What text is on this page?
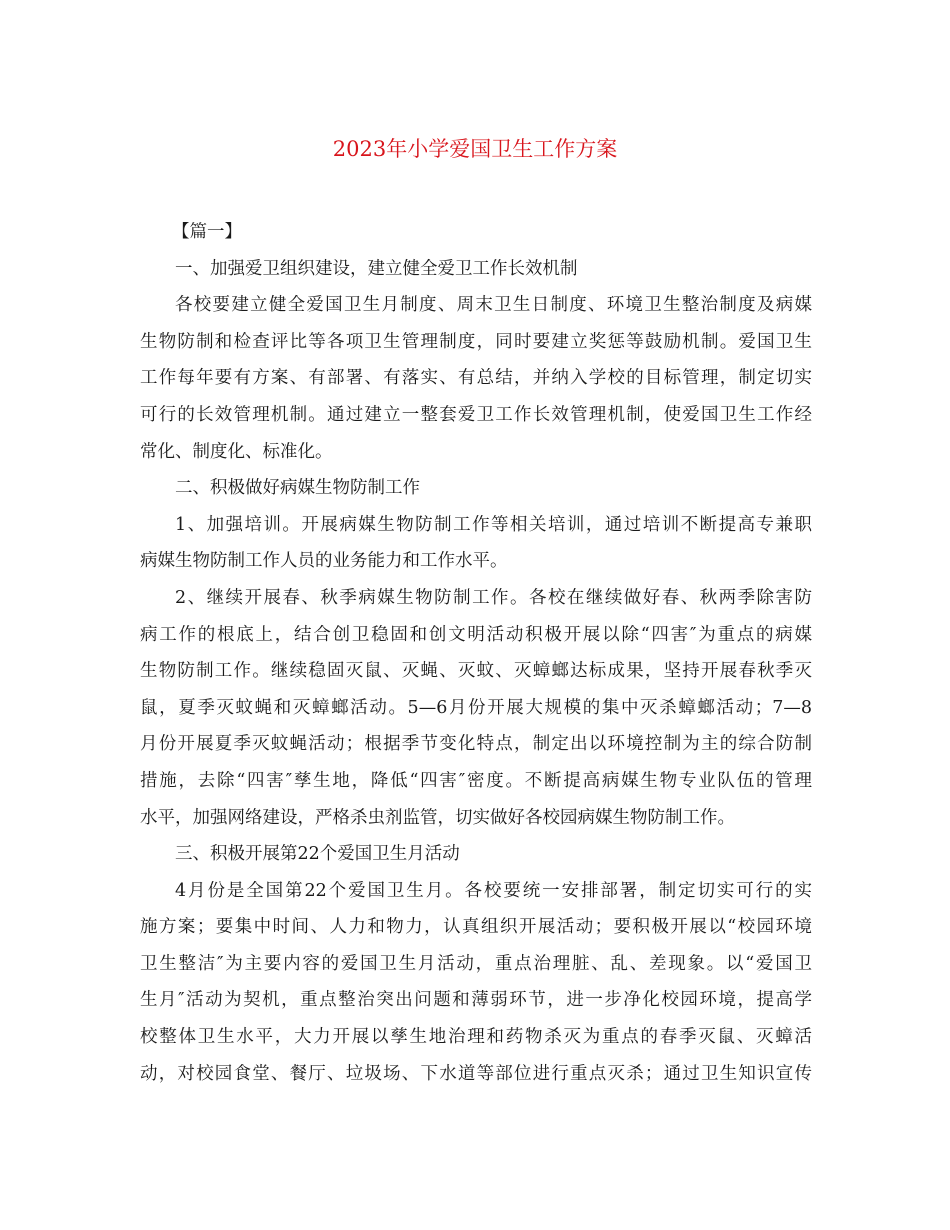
2023年小学爱国卫生工作方案

【篇一】

一、加强爱卫组织建设，建立健全爱卫工作长效机制

各校要建立健全爱国卫生月制度、周末卫生日制度、环境卫生整治制度及病媒

生物防制和检查评比等各项卫生管理制度，同时要建立奖惩等鼓励机制。爱国卫生

工作每年要有方案、有部署、有落实、有总结，并纳入学校的目标管理，制定切实

可行的长效管理机制。通过建立一整套爱卫工作长效管理机制，使爱国卫生工作经

常化、制度化、标准化。

二、积极做好病媒生物防制工作

1、加强培训。开展病媒生物防制工作等相关培训，通过培训不断提高专兼职

病媒生物防制工作人员的业务能力和工作水平。

2、继续开展春、秋季病媒生物防制工作。各校在继续做好春、秋两季除害防

病工作的根底上，结合创卫稳固和创文明活动积极开展以除“四害″为重点的病媒

生物防制工作。继续稳固灭鼠、灭蝇、灭蚊、灭蟑螂达标成果，坚持开展春秋季灭

鼠，夏季灭蚊蝇和灭蟑螂活动。5—6月份开展大规模的集中灭杀蟑螂活动；7—8

月份开展夏季灭蚊蝇活动；根据季节变化特点，制定出以环境控制为主的综合防制

措施，去除“四害″孳生地，降低“四害″密度。不断提高病媒生物专业队伍的管理

水平，加强网络建设，严格杀虫剂监管，切实做好各校园病媒生物防制工作。

三、积极开展第22个爱国卫生月活动

4月份是全国第22个爱国卫生月。各校要统一安排部署，制定切实可行的实

施方案；要集中时间、人力和物力，认真组织开展活动；要积极开展以“校园环境

卫生整洁″为主要内容的爱国卫生月活动，重点治理脏、乱、差现象。以“爱国卫

生月″活动为契机，重点整治突出问题和薄弱环节，进一步净化校园环境，提高学

校整体卫生水平，大力开展以孳生地治理和药物杀灭为重点的春季灭鼠、灭蟑活

动，对校园食堂、餐厅、垃圾场、下水道等部位进行重点灭杀；通过卫生知识宣传
